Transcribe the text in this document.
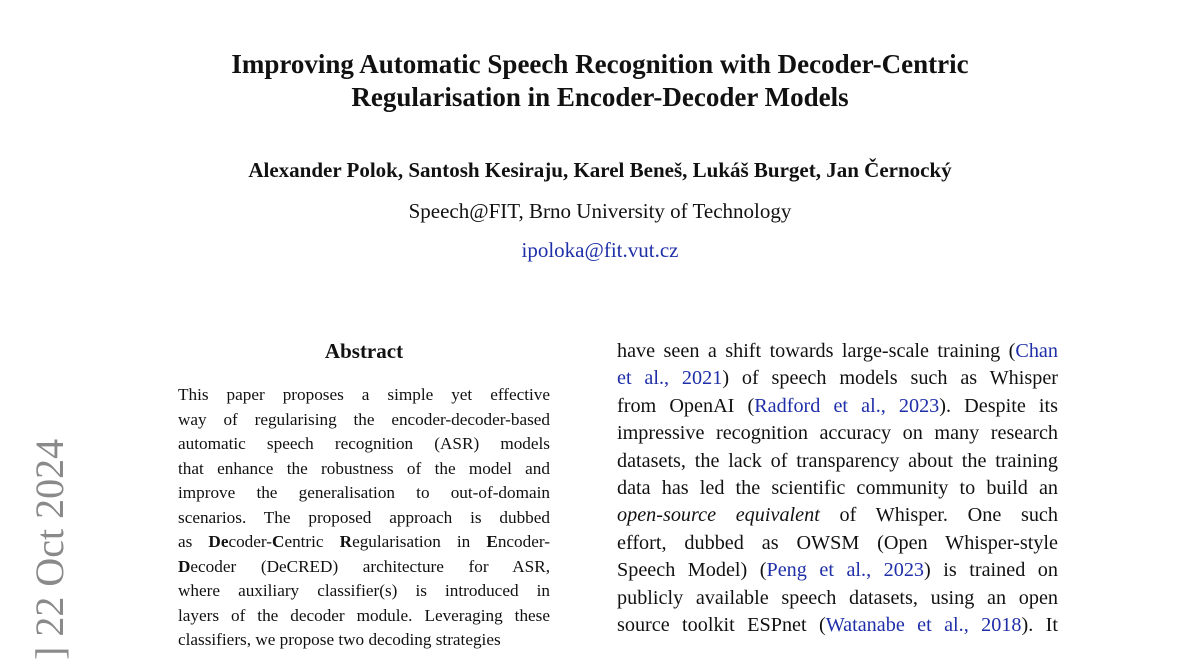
] 22 Oct 2024
Improving Automatic Speech Recognition with Decoder-Centric
Regularisation in Encoder-Decoder Models
Alexander Polok, Santosh Kesiraju, Karel Beneš, Lukáš Burget, Jan Černocký
Speech@FIT, Brno University of Technology
ipoloka@fit.vut.cz
Abstract
This paper proposes a simple yet effective
way of regularising the encoder-decoder-based
automatic speech recognition (ASR) models
that enhance the robustness of the model and
improve the generalisation to out-of-domain
scenarios. The proposed approach is dubbed
as Decoder-Centric Regularisation in Encoder-
Decoder (DeCRED) architecture for ASR,
where auxiliary classifier(s) is introduced in
layers of the decoder module. Leveraging these
classifiers, we propose two decoding strategies
have seen a shift towards large-scale training (Chan
et al., 2021) of speech models such as Whisper
from OpenAI (Radford et al., 2023). Despite its
impressive recognition accuracy on many research
datasets, the lack of transparency about the training
data has led the scientific community to build an
open-source equivalent of Whisper. One such
effort, dubbed as OWSM (Open Whisper-style
Speech Model) (Peng et al., 2023) is trained on
publicly available speech datasets, using an open
source toolkit ESPnet (Watanabe et al., 2018). It
